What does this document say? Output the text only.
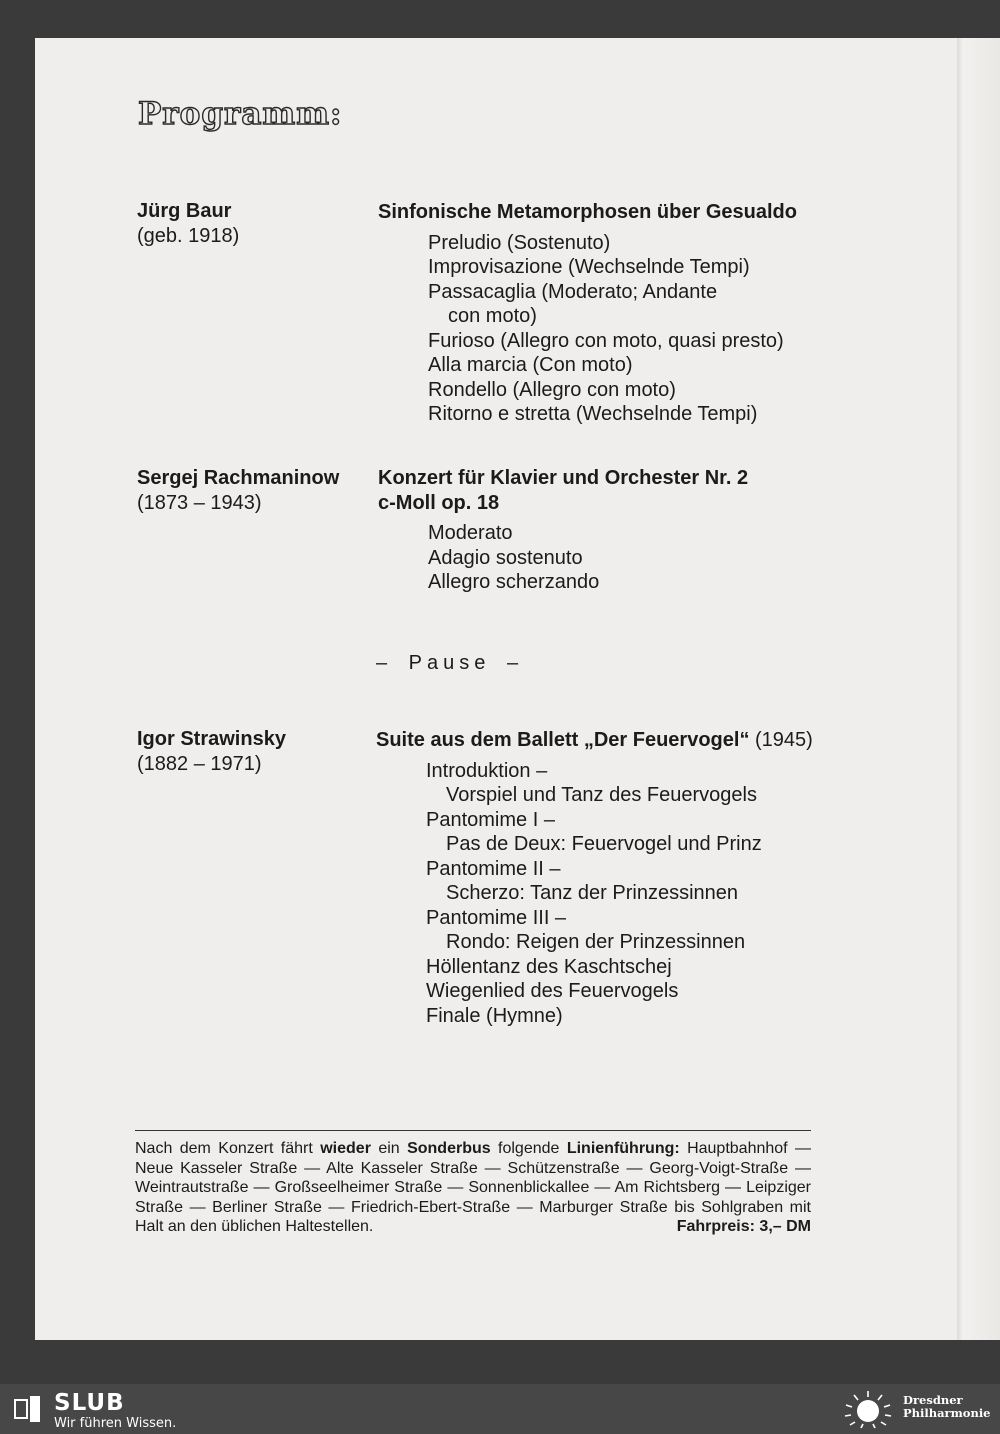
Programm:
Jürg Baur
(geb. 1918)
Sinfonische Metamorphosen über Gesualdo
Preludio (Sostenuto)
Improvisazione (Wechselnde Tempi)
Passacaglia (Moderato; Andante
con moto)
Furioso (Allegro con moto, quasi presto)
Alla marcia (Con moto)
Rondello (Allegro con moto)
Ritorno e stretta (Wechselnde Tempi)
Sergej Rachmaninow
(1873 – 1943)
Konzert für Klavier und Orchester Nr. 2
c-Moll op. 18
Moderato
Adagio sostenuto
Allegro scherzando
– Pause –
Igor Strawinsky
(1882 – 1971)
Suite aus dem Ballett „Der Feuervogel“ (1945)
Introduktion –
Vorspiel und Tanz des Feuervogels
Pantomime I –
Pas de Deux: Feuervogel und Prinz
Pantomime II –
Scherzo: Tanz der Prinzessinnen
Pantomime III –
Rondo: Reigen der Prinzessinnen
Höllentanz des Kaschtschej
Wiegenlied des Feuervogels
Finale (Hymne)
Nach dem Konzert fährt wieder ein Sonderbus folgende Linienführung: Hauptbahnhof — Neue Kasseler Straße — Alte Kasseler Straße — Schützenstraße — Georg-Voigt-Straße — Weintrautstraße — Großseelheimer Straße — Sonnenblickallee — Am Richtsberg — Leipziger Straße — Berliner Straße — Friedrich-Ebert-Straße — Marburger Straße bis Sohlgraben mit Halt an den üblichen Haltestellen.	Fahrpreis: 3,– DM
SLUB
Wir führen Wissen.
Dresdner
Philharmonie
